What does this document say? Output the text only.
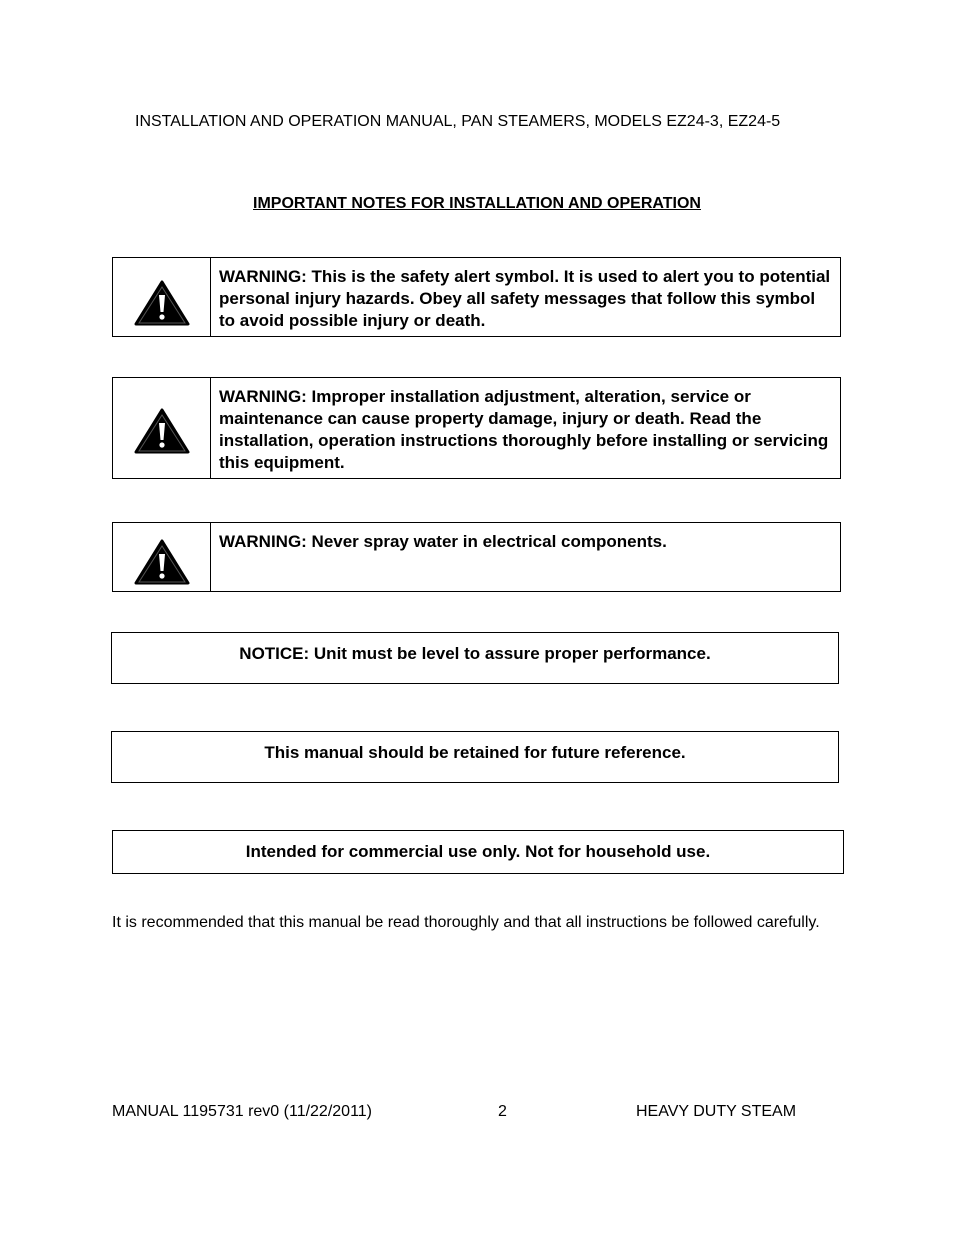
INSTALLATION AND OPERATION MANUAL, PAN STEAMERS, MODELS EZ24-3, EZ24-5
IMPORTANT NOTES FOR INSTALLATION AND OPERATION
WARNING: This is the safety alert symbol. It is used to alert you to potential personal injury hazards. Obey all safety messages that follow this symbol to avoid possible injury or death.
WARNING: Improper installation adjustment, alteration, service or maintenance can cause property damage, injury or death. Read the installation, operation instructions thoroughly before installing or servicing this equipment.
WARNING: Never spray water in electrical components.
NOTICE: Unit must be level to assure proper performance.
This manual should be retained for future reference.
Intended for commercial use only. Not for household use.
It is recommended that this manual be read thoroughly and that all instructions be followed carefully.
MANUAL 1195731 rev0 (11/22/2011)	2	HEAVY DUTY STEAM
